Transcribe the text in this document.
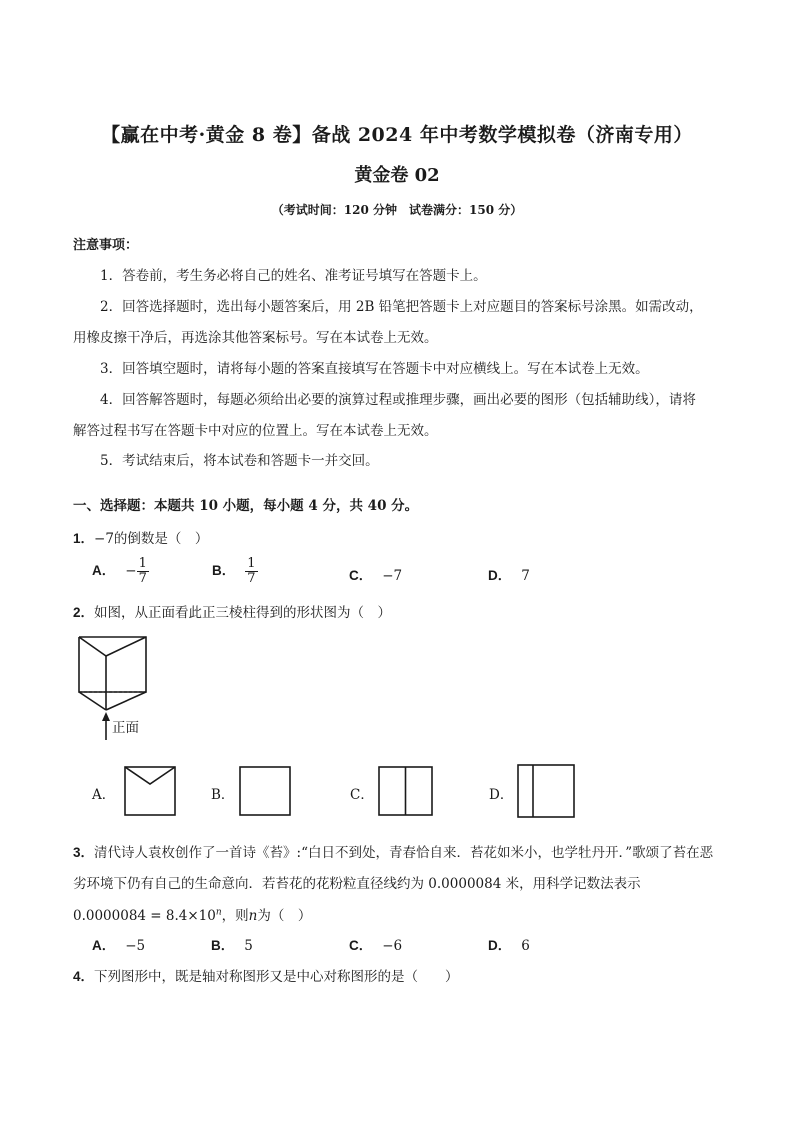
【赢在中考·黄金 8 卷】备战 2024 年中考数学模拟卷（济南专用）
黄金卷 02
（考试时间：120 分钟　试卷满分：150 分）
注意事项：
1．答卷前，考生务必将自己的姓名、准考证号填写在答题卡上。
2．回答选择题时，选出每小题答案后，用 2B 铅笔把答题卡上对应题目的答案标号涂黑。如需改动，
用橡皮擦干净后，再选涂其他答案标号。写在本试卷上无效。
3．回答填空题时，请将每小题的答案直接填写在答题卡中对应横线上。写在本试卷上无效。
4．回答解答题时，每题必须给出必要的演算过程或推理步骤，画出必要的图形（包括辅助线），请将
解答过程书写在答题卡中对应的位置上。写在本试卷上无效。
5．考试结束后，将本试卷和答题卡一并交回。
一、选择题：本题共 10 小题，每小题 4 分，共 40 分。
1．−7的倒数是（　）
A． − $\frac{1}{7}$	B． $\frac{1}{7}$	C． −7	D． 7
2．如图，从正面看此正三棱柱得到的形状图为（　）
正面
A．	B．	C．	D．
3．清代诗人袁枚创作了一首诗《苔》:“白日不到处，青春恰自来．苔花如米小，也学牡丹开．”歌颂了苔在恶
劣环境下仍有自己的生命意向．若苔花的花粉粒直径线约为 0.0000084 米，用科学记数法表示
$0.0000084 = 8.4\times 10^n$，则n为（　）
A． −5	B． 5	C． −6	D． 6
4．下列图形中，既是轴对称图形又是中心对称图形的是（　　）
